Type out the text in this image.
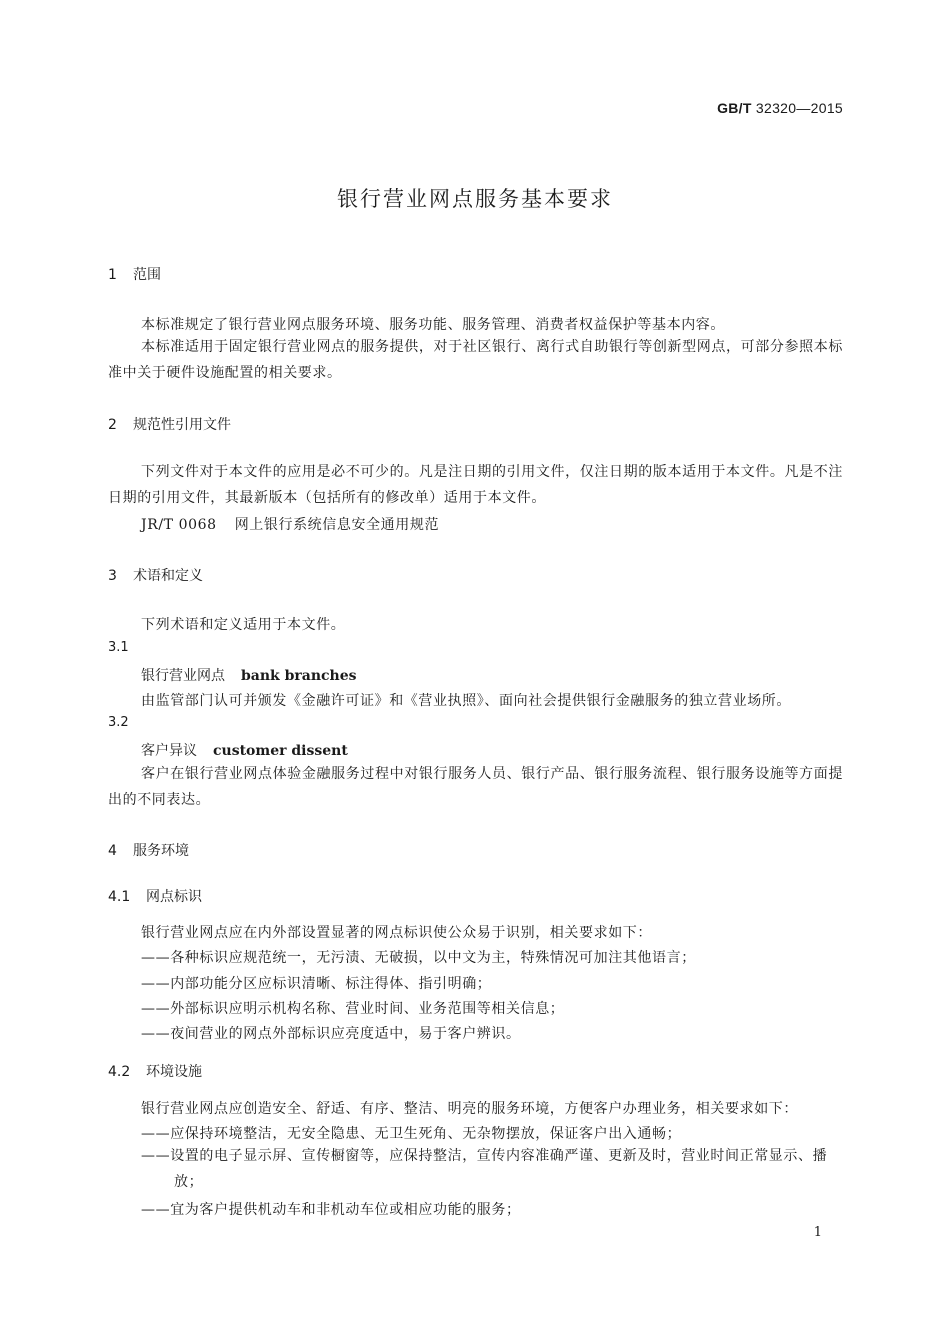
GB/T 32320—2015
银行营业网点服务基本要求
1 范围
本标准规定了银行营业网点服务环境、服务功能、服务管理、消费者权益保护等基本内容。
本标准适用于固定银行营业网点的服务提供，对于社区银行、离行式自助银行等创新型网点，可部分参照本标准中关于硬件设施配置的相关要求。
2 规范性引用文件
下列文件对于本文件的应用是必不可少的。凡是注日期的引用文件，仅注日期的版本适用于本文件。凡是不注日期的引用文件，其最新版本（包括所有的修改单）适用于本文件。
JR/T 0068 网上银行系统信息安全通用规范
3 术语和定义
下列术语和定义适用于本文件。
3.1
银行营业网点 bank branches
由监管部门认可并颁发《金融许可证》和《营业执照》、面向社会提供银行金融服务的独立营业场所。
3.2
客户异议 customer dissent
客户在银行营业网点体验金融服务过程中对银行服务人员、银行产品、银行服务流程、银行服务设施等方面提出的不同表达。
4 服务环境
4.1 网点标识
银行营业网点应在内外部设置显著的网点标识使公众易于识别，相关要求如下：
——各种标识应规范统一，无污渍、无破损，以中文为主，特殊情况可加注其他语言；
——内部功能分区应标识清晰、标注得体、指引明确；
——外部标识应明示机构名称、营业时间、业务范围等相关信息；
——夜间营业的网点外部标识应亮度适中，易于客户辨识。
4.2 环境设施
银行营业网点应创造安全、舒适、有序、整洁、明亮的服务环境，方便客户办理业务，相关要求如下：
——应保持环境整洁，无安全隐患、无卫生死角、无杂物摆放，保证客户出入通畅；
——设置的电子显示屏、宣传橱窗等，应保持整洁，宣传内容准确严谨、更新及时，营业时间正常显示、播放；
——宜为客户提供机动车和非机动车位或相应功能的服务；
1
